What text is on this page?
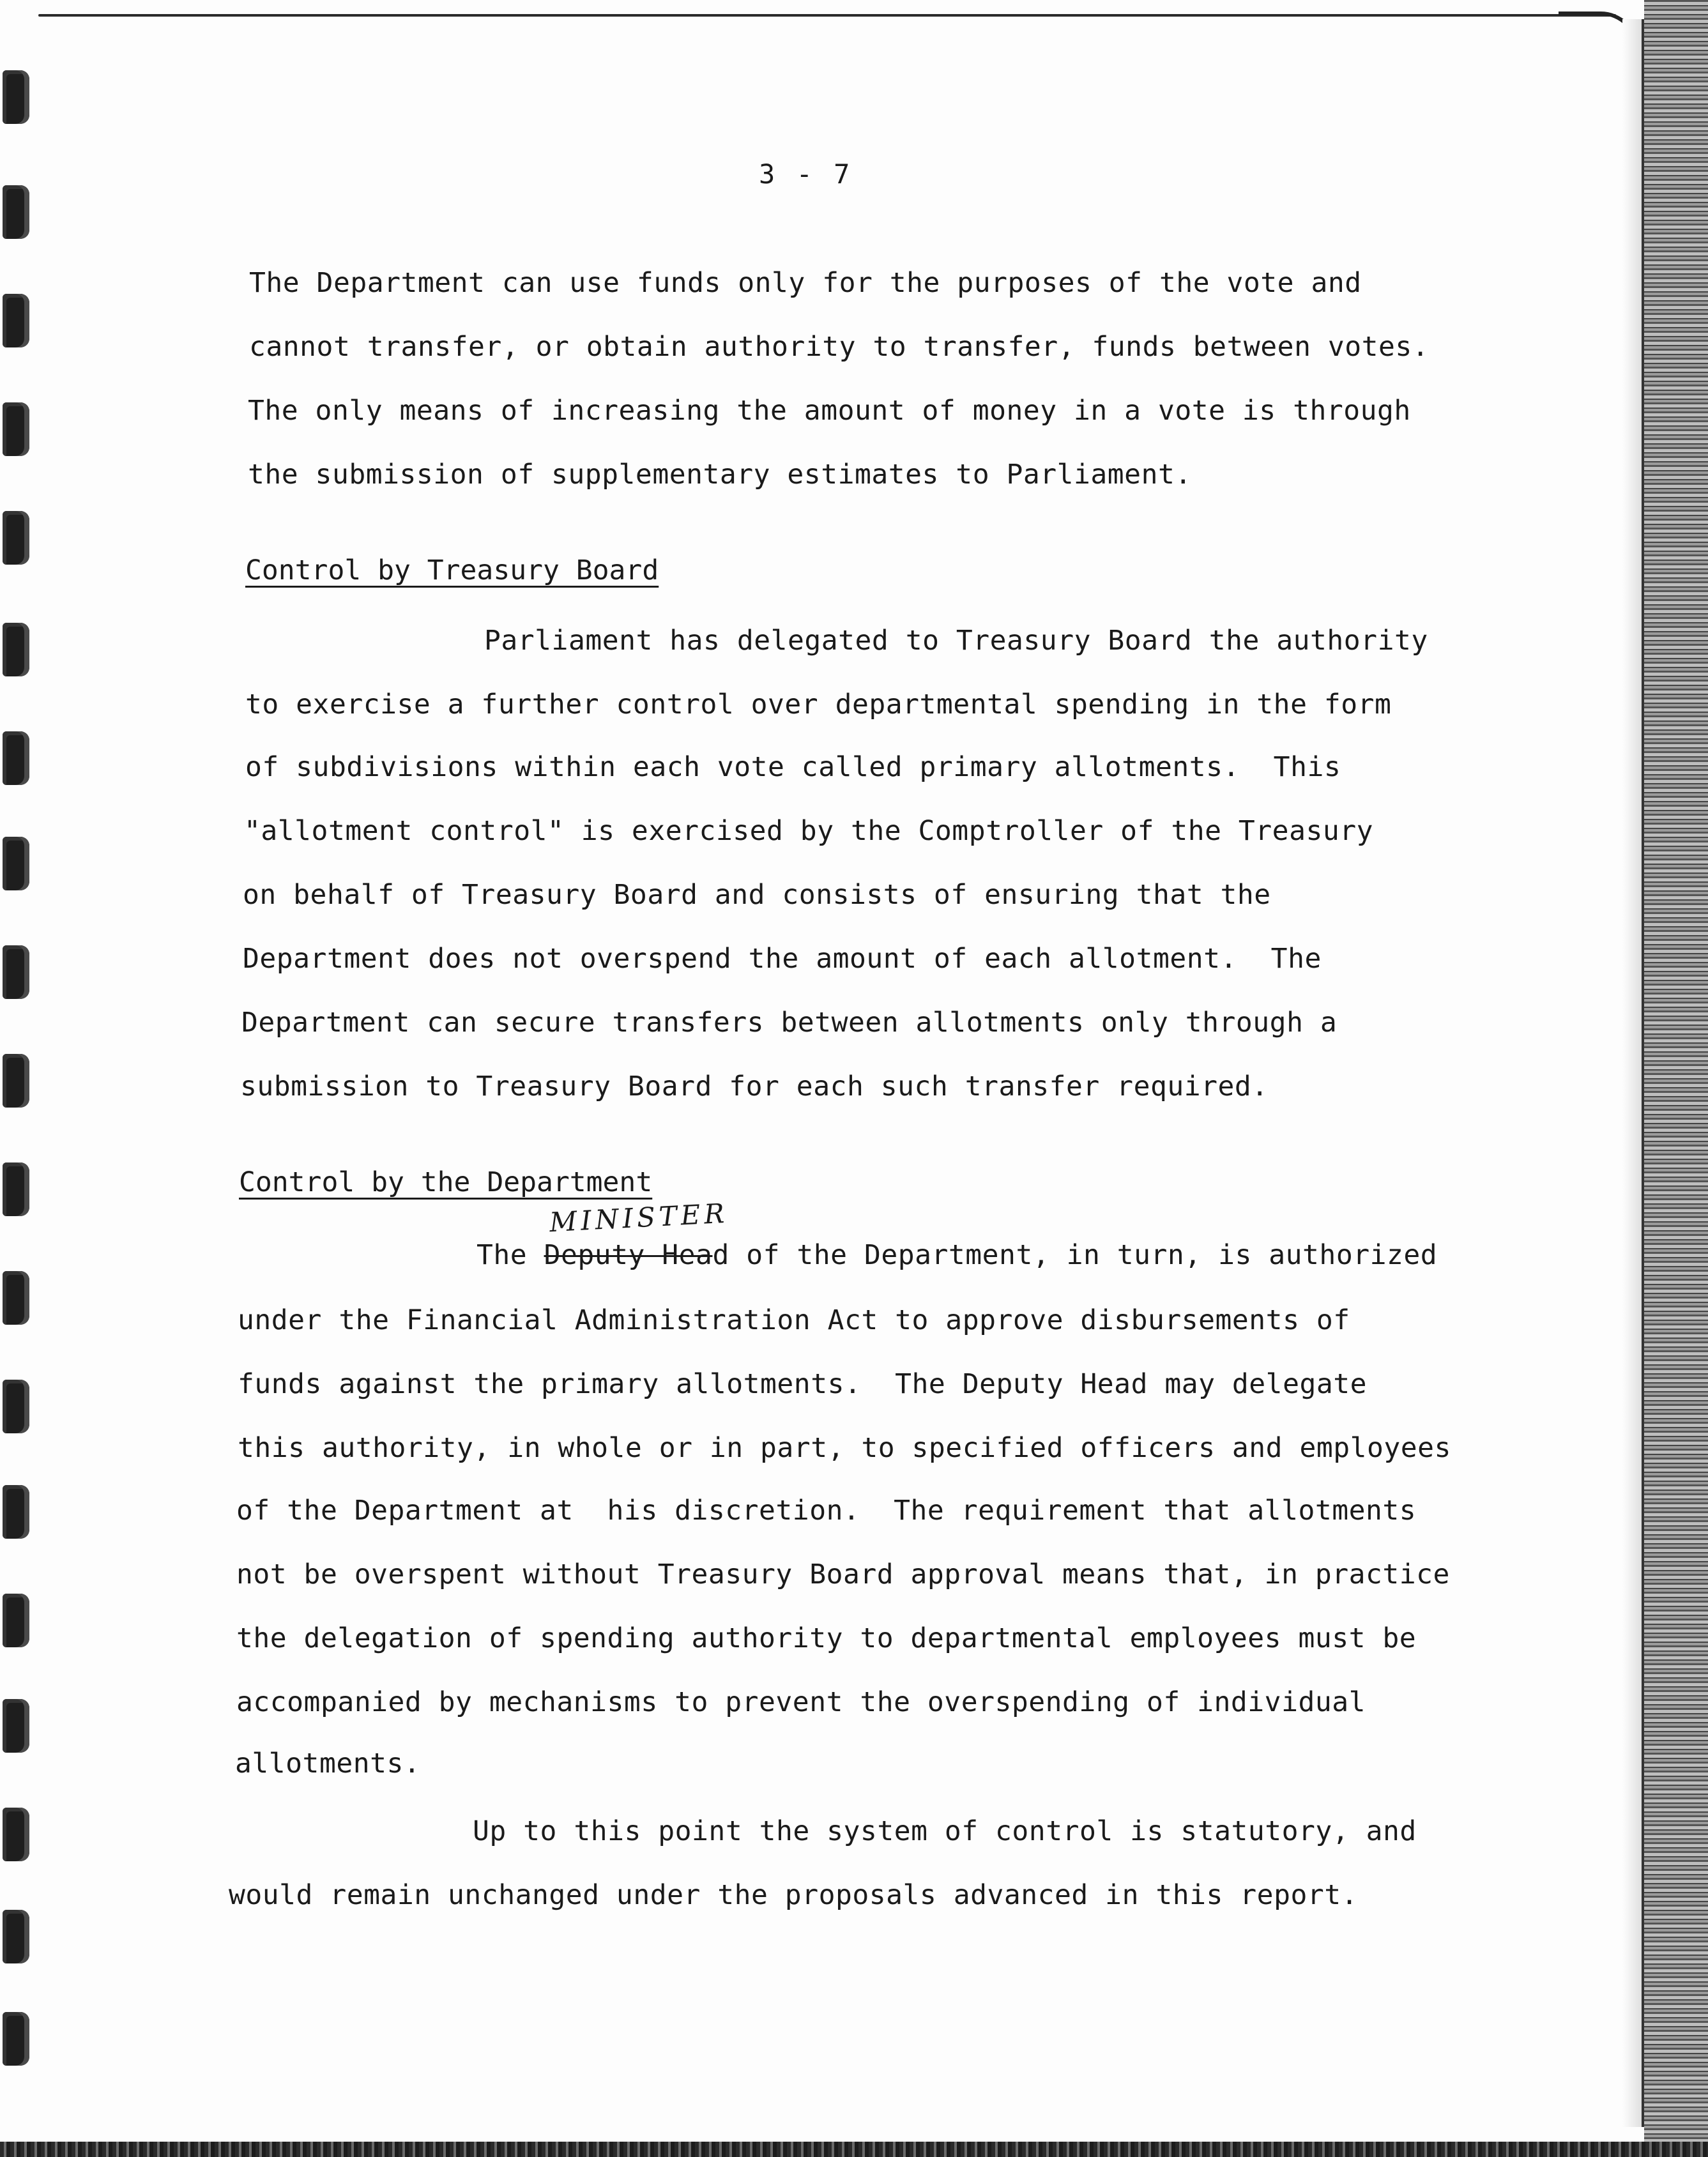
3 - 7
The Department can use funds only for the purposes of the vote and
cannot transfer, or obtain authority to transfer, funds between votes.
The only means of increasing the amount of money in a vote is through
the submission of supplementary estimates to Parliament.
Control by Treasury Board
Parliament has delegated to Treasury Board the authority
to exercise a further control over departmental spending in the form
of subdivisions within each vote called primary allotments.  This
"allotment control" is exercised by the Comptroller of the Treasury
on behalf of Treasury Board and consists of ensuring that the
Department does not overspend the amount of each allotment.  The
Department can secure transfers between allotments only through a
submission to Treasury Board for each such transfer required.
Control by the Department
MINISTER
The Deputy Head of the Department, in turn, is authorized
under the Financial Administration Act to approve disbursements of
funds against the primary allotments.  The Deputy Head may delegate
this authority, in whole or in part, to specified officers and employees
of the Department at  his discretion.  The requirement that allotments
not be overspent without Treasury Board approval means that, in practice
the delegation of spending authority to departmental employees must be
accompanied by mechanisms to prevent the overspending of individual
allotments.
Up to this point the system of control is statutory, and
would remain unchanged under the proposals advanced in this report.
